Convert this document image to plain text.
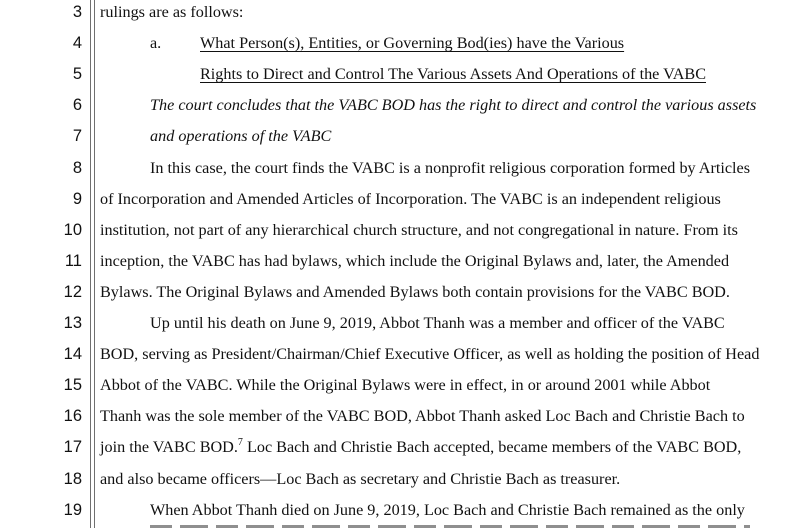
3 rulings are as follows:
4	a. What Person(s), Entities, or Governing Bod(ies) have the Various
5	Rights to Direct and Control The Various Assets And Operations of the VABC
6	The court concludes that the VABC BOD has the right to direct and control the various assets
7	and operations of the VABC
8	In this case, the court finds the VABC is a nonprofit religious corporation formed by Articles
9 of Incorporation and Amended Articles of Incorporation. The VABC is an independent religious
10 institution, not part of any hierarchical church structure, and not congregational in nature. From its
11 inception, the VABC has had bylaws, which include the Original Bylaws and, later, the Amended
12 Bylaws. The Original Bylaws and Amended Bylaws both contain provisions for the VABC BOD.
13	Up until his death on June 9, 2019, Abbot Thanh was a member and officer of the VABC
14 BOD, serving as President/Chairman/Chief Executive Officer, as well as holding the position of Head
15 Abbot of the VABC. While the Original Bylaws were in effect, in or around 2001 while Abbot
16 Thanh was the sole member of the VABC BOD, Abbot Thanh asked Loc Bach and Christie Bach to
17 join the VABC BOD.$^7$ Loc Bach and Christie Bach accepted, became members of the VABC BOD,
18 and also became officers—Loc Bach as secretary and Christie Bach as treasurer.
19	When Abbot Thanh died on June 9, 2019, Loc Bach and Christie Bach remained as the only
